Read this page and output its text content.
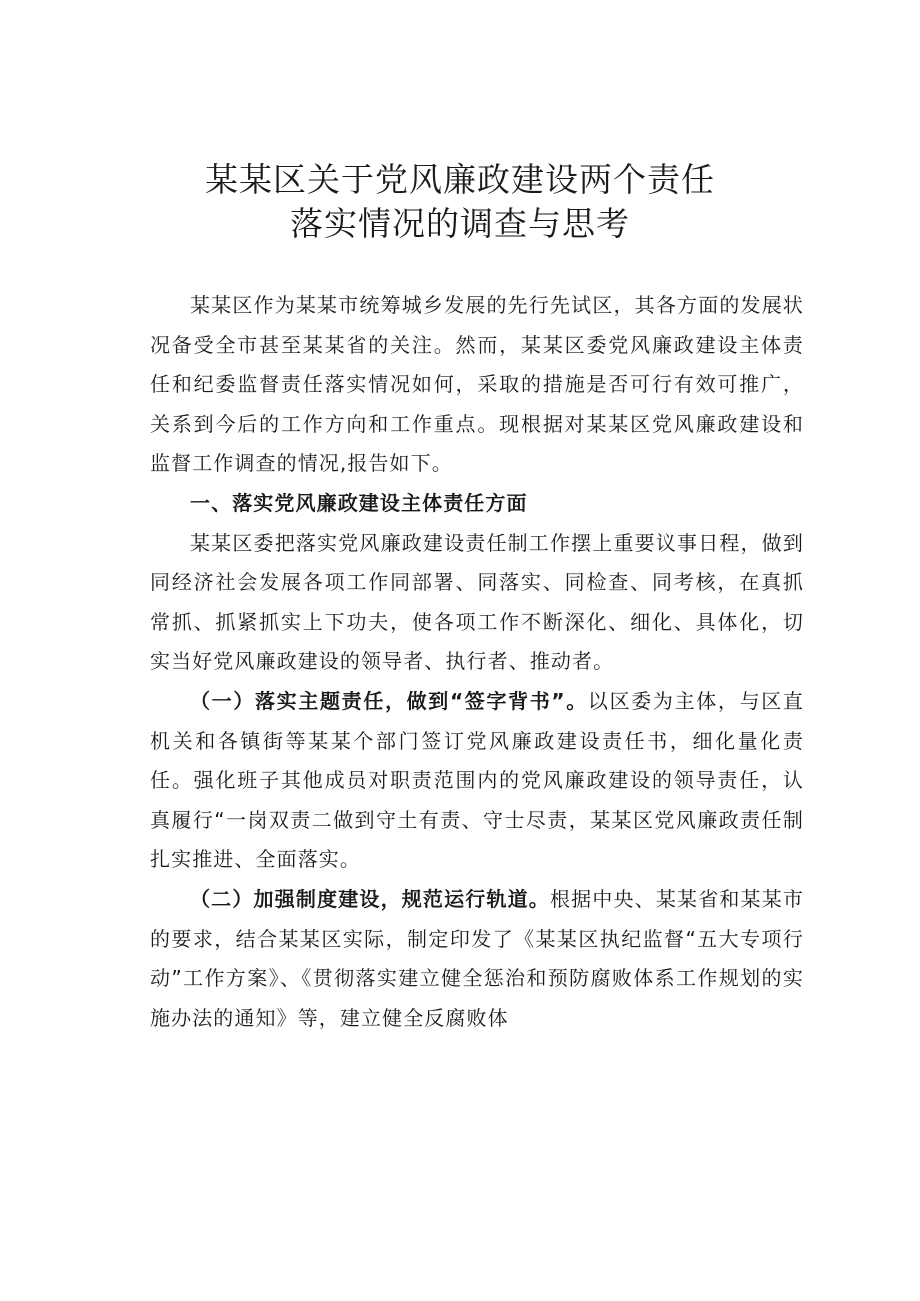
某某区关于党风廉政建设两个责任
落实情况的调查与思考

某某区作为某某市统筹城乡发展的先行先试区，其各方面的发展状况备受全市甚至某某省的关注。然而，某某区委党风廉政建设主体责任和纪委监督责任落实情况如何，采取的措施是否可行有效可推广，关系到今后的工作方向和工作重点。现根据对某某区党风廉政建设和监督工作调查的情况,报告如下。

一、落实党风廉政建设主体责任方面

某某区委把落实党风廉政建设责任制工作摆上重要议事日程，做到同经济社会发展各项工作同部署、同落实、同检查、同考核，在真抓常抓、抓紧抓实上下功夫，使各项工作不断深化、细化、具体化，切实当好党风廉政建设的领导者、执行者、推动者。

（一）落实主题责任，做到“签字背书”。以区委为主体，与区直机关和各镇街等某某个部门签订党风廉政建设责任书，细化量化责任。强化班子其他成员对职责范围内的党风廉政建设的领导责任，认真履行“一岗双责二做到守土有责、守士尽责，某某区党风廉政责任制扎实推进、全面落实。

（二）加强制度建设，规范运行轨道。根据中央、某某省和某某市的要求，结合某某区实际，制定印发了《某某区执纪监督“五大专项行动”工作方案》、《贯彻落实建立健全惩治和预防腐败体系工作规划的实施办法的通知》等，建立健全反腐败体
